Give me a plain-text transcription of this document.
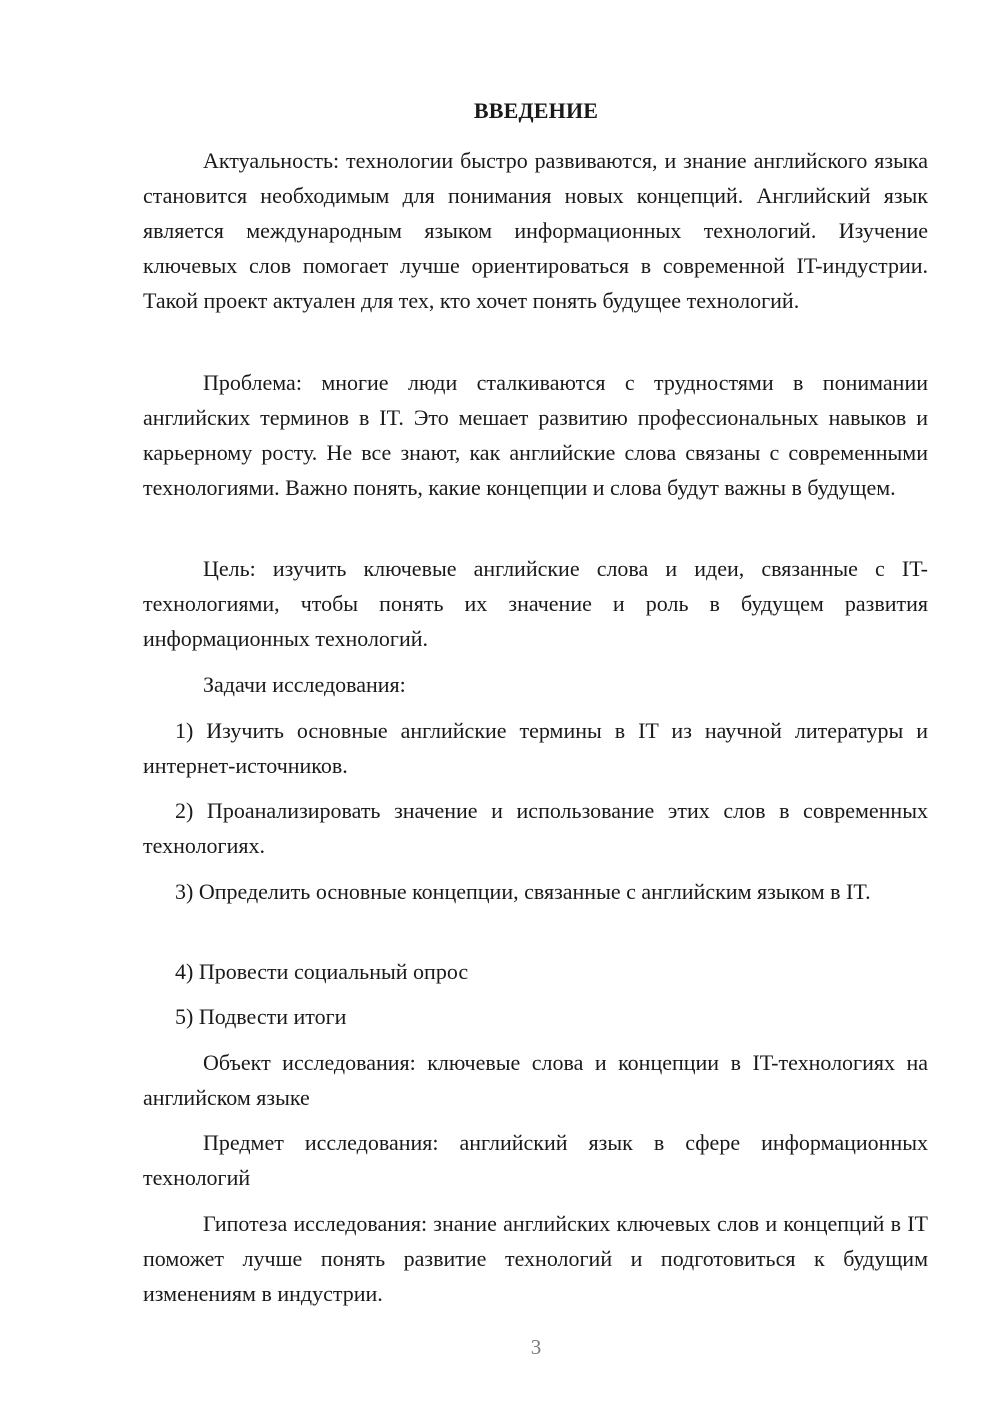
ВВЕДЕНИЕ

Актуальность: технологии быстро развиваются, и знание английского языка становится необходимым для понимания новых концепций. Английский язык является международным языком информационных технологий. Изучение ключевых слов помогает лучше ориентироваться в современной IT-индустрии. Такой проект актуален для тех, кто хочет понять будущее технологий.

Проблема: многие люди сталкиваются с трудностями в понимании английских терминов в IT. Это мешает развитию профессиональных навыков и карьерному росту. Не все знают, как английские слова связаны с современными технологиями. Важно понять, какие концепции и слова будут важны в будущем.

Цель: изучить ключевые английские слова и идеи, связанные с IT-технологиями, чтобы понять их значение и роль в будущем развития информационных технологий.

Задачи исследования:

1) Изучить основные английские термины в IT из научной литературы и интернет-источников.

2) Проанализировать значение и использование этих слов в современных технологиях.

3) Определить основные концепции, связанные с английским языком в IT.

4) Провести социальный опрос

5) Подвести итоги

Объект исследования: ключевые слова и концепции в IT-технологиях на английском языке

Предмет исследования: английский язык в сфере информационных технологий

Гипотеза исследования: знание английских ключевых слов и концепций в IT поможет лучше понять развитие технологий и подготовиться к будущим изменениям в индустрии.

3
